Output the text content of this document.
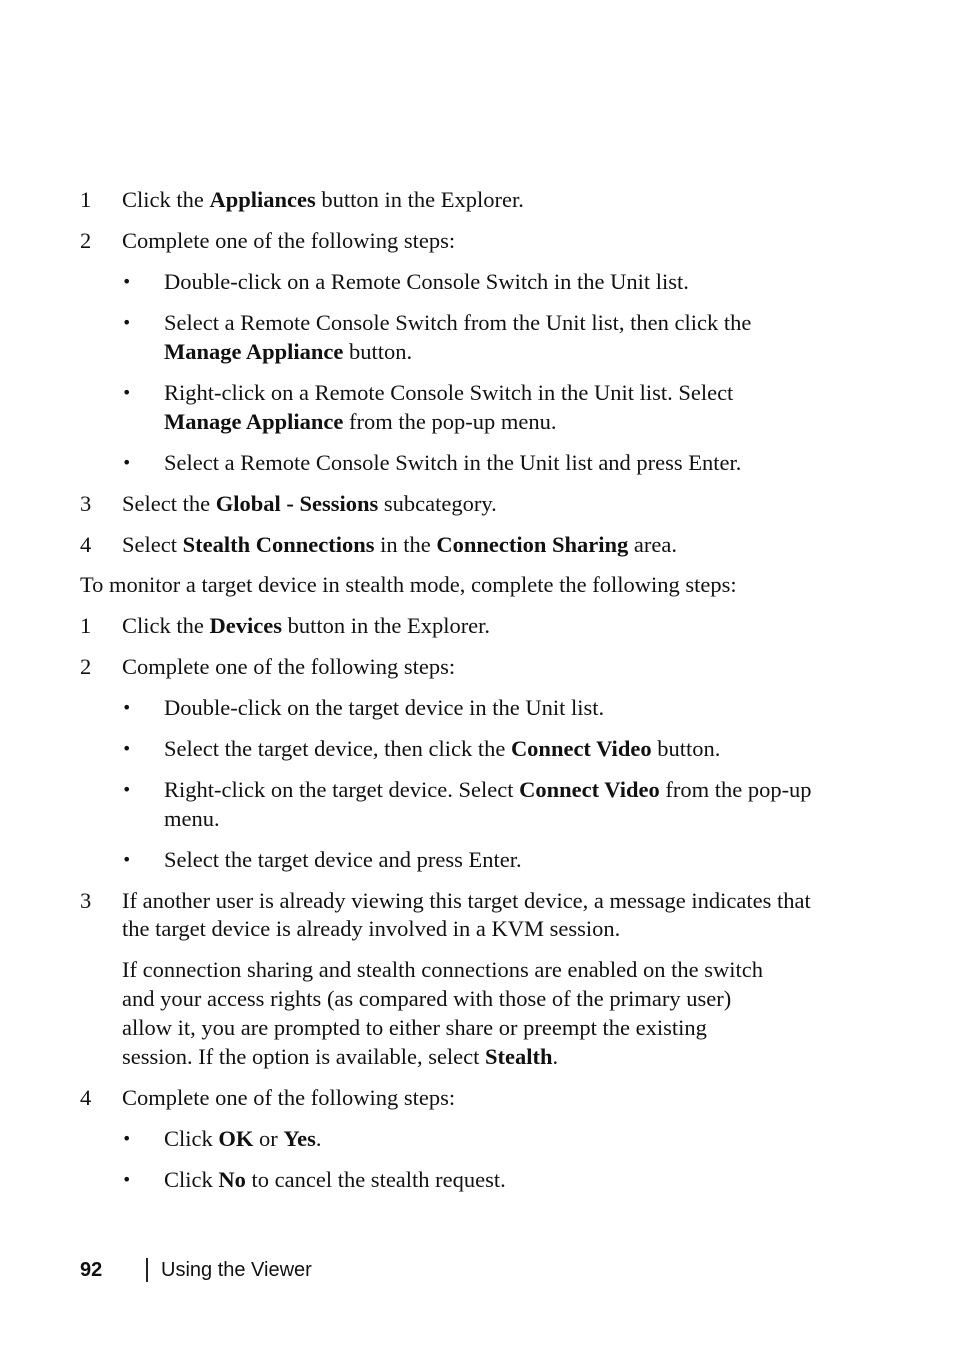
1 Click the Appliances button in the Explorer.
2 Complete one of the following steps:
• Double-click on a Remote Console Switch in the Unit list.
• Select a Remote Console Switch from the Unit list, then click the
Manage Appliance button.
• Right-click on a Remote Console Switch in the Unit list. Select
Manage Appliance from the pop-up menu.
• Select a Remote Console Switch in the Unit list and press Enter.
3 Select the Global - Sessions subcategory.
4 Select Stealth Connections in the Connection Sharing area.
To monitor a target device in stealth mode, complete the following steps:
1 Click the Devices button in the Explorer.
2 Complete one of the following steps:
• Double-click on the target device in the Unit list.
• Select the target device, then click the Connect Video button.
• Right-click on the target device. Select Connect Video from the pop-up
menu.
• Select the target device and press Enter.
3 If another user is already viewing this target device, a message indicates that
the target device is already involved in a KVM session.
If connection sharing and stealth connections are enabled on the switch
and your access rights (as compared with those of the primary user)
allow it, you are prompted to either share or preempt the existing
session. If the option is available, select Stealth.
4 Complete one of the following steps:
• Click OK or Yes.
• Click No to cancel the stealth request.
92	Using the Viewer
